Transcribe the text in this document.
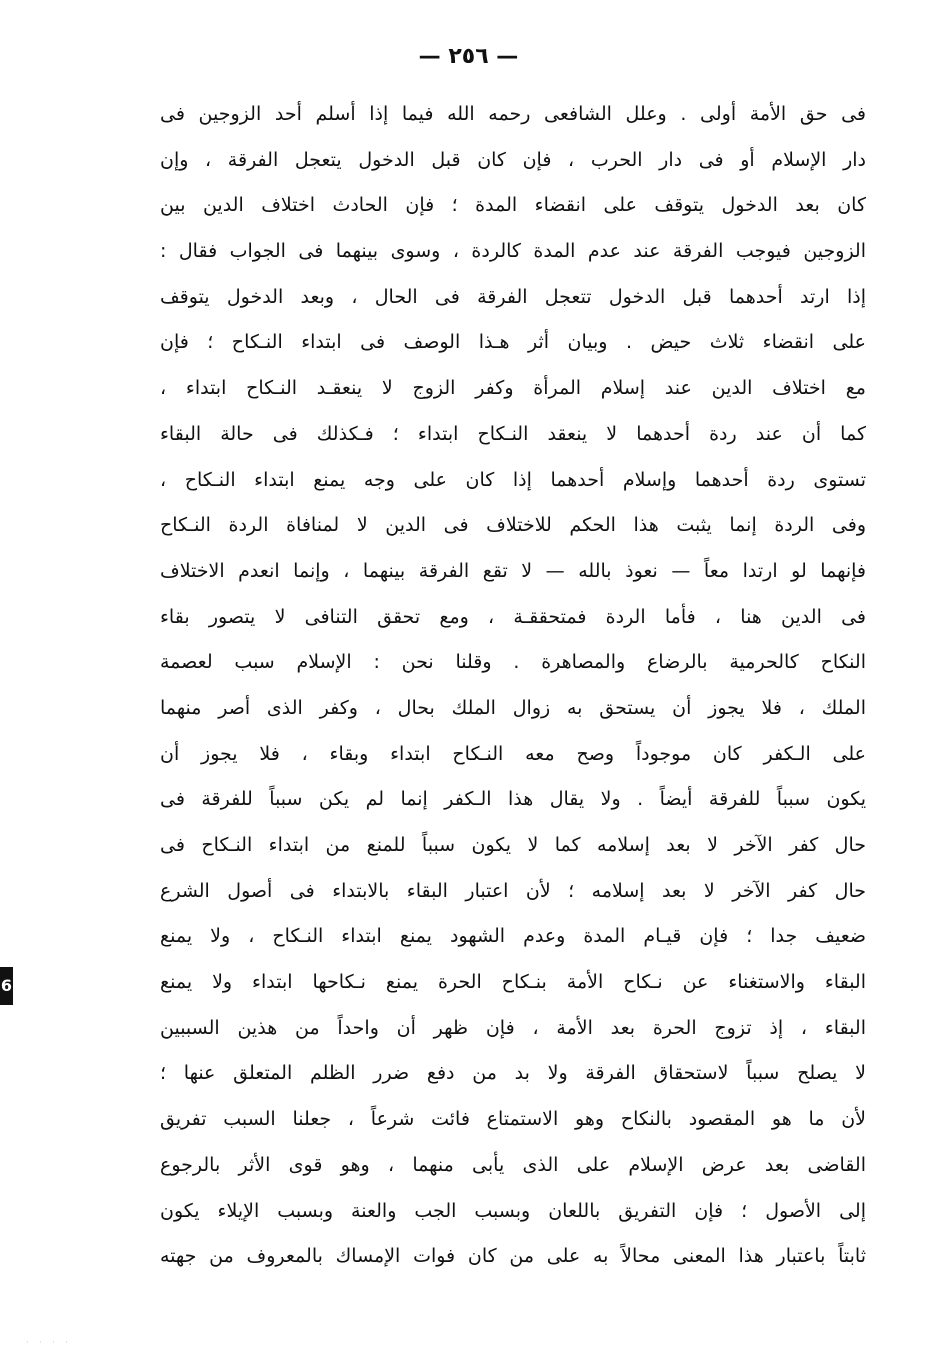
— ٢٥٦ —
فى حق الأمة أولى . وعلل الشافعى رحمه الله فيما إذا أسلم أحد الزوجين فى
دار الإسلام أو فى دار الحرب ، فإن كان قبل الدخول يتعجل الفرقة ، وإن
كان بعد الدخول يتوقف على انقضاء المدة ؛ فإن الحادث اختلاف الدين بين
الزوجين فيوجب الفرقة عند عدم المدة كالردة ، وسوى بينهما فى الجواب فقال :
إذا ارتد أحدهما قبل الدخول تتعجل الفرقة فى الحال ، وبعد الدخول يتوقف
على انقضاء ثلاث حيض . وبيان أثر هـذا الوصف فى ابتداء النـكاح ؛ فإن
مع اختلاف الدين عند إسلام المرأة وكفر الزوج لا ينعقـد النـكاح ابتداء ،
كما أن عند ردة أحدهما لا ينعقد النـكاح ابتداء ؛ فـكذلك فى حالة البقاء
تستوى ردة أحدهما وإسلام أحدهما إذا كان على وجه يمنع ابتداء النـكاح ،
وفى الردة إنما يثبت هذا الحكم للاختلاف فى الدين لا لمنافاة الردة النـكاح
فإنهما لو ارتدا معاً — نعوذ بالله — لا تقع الفرقة بينهما ، وإنما انعدم الاختلاف
فى الدين هنا ، فأما الردة فمتحققـة ، ومع تحقق التنافى لا يتصور بقاء
النكاح كالحرمية بالرضاع والمصاهرة . وقلنا نحن : الإسلام سبب لعصمة
الملك ، فلا يجوز أن يستحق به زوال الملك بحال ، وكفر الذى أصر منهما
على الـكفر كان موجوداً وصح معه النـكاح ابتداء وبقاء ، فلا يجوز أن
يكون سبباً للفرقة أيضاً . ولا يقال هذا الـكفر إنما لم يكن سبباً للفرقة فى
حال كفر الآخر لا بعد إسلامه كما لا يكون سبباً للمنع من ابتداء النـكاح فى
حال كفر الآخر لا بعد إسلامه ؛ لأن اعتبار البقاء بالابتداء فى أصول الشرع
ضعيف جدا ؛ فإن قيـام المدة وعدم الشهود يمنع ابتداء النـكاح ، ولا يمنع
البقاء والاستغناء عن نـكاح الأمة بنـكاح الحرة يمنع نـكاحها ابتداء ولا يمنع
البقاء ، إذ تزوج الحرة بعد الأمة ، فإن ظهر أن واحداً من هذين السببين
لا يصلح سبباً لاستحقاق الفرقة ولا بد من دفع ضرر الظلم المتعلق عنها ؛
لأن ما هو المقصود بالنكاح وهو الاستمتاع فائت شرعاً ، جعلنا السبب تفريق
القاضى بعد عرض الإسلام على الذى يأبى منهما ، وهو قوى الأثر بالرجوع
إلى الأصول ؛ فإن التفريق باللعان وبسبب الجب والعنة وبسبب الإيلاء يكون
ثابتاً باعتبار هذا المعنى محالاً به على من كان فوات الإمساك بالمعروف من جهته
6
· · · ·
